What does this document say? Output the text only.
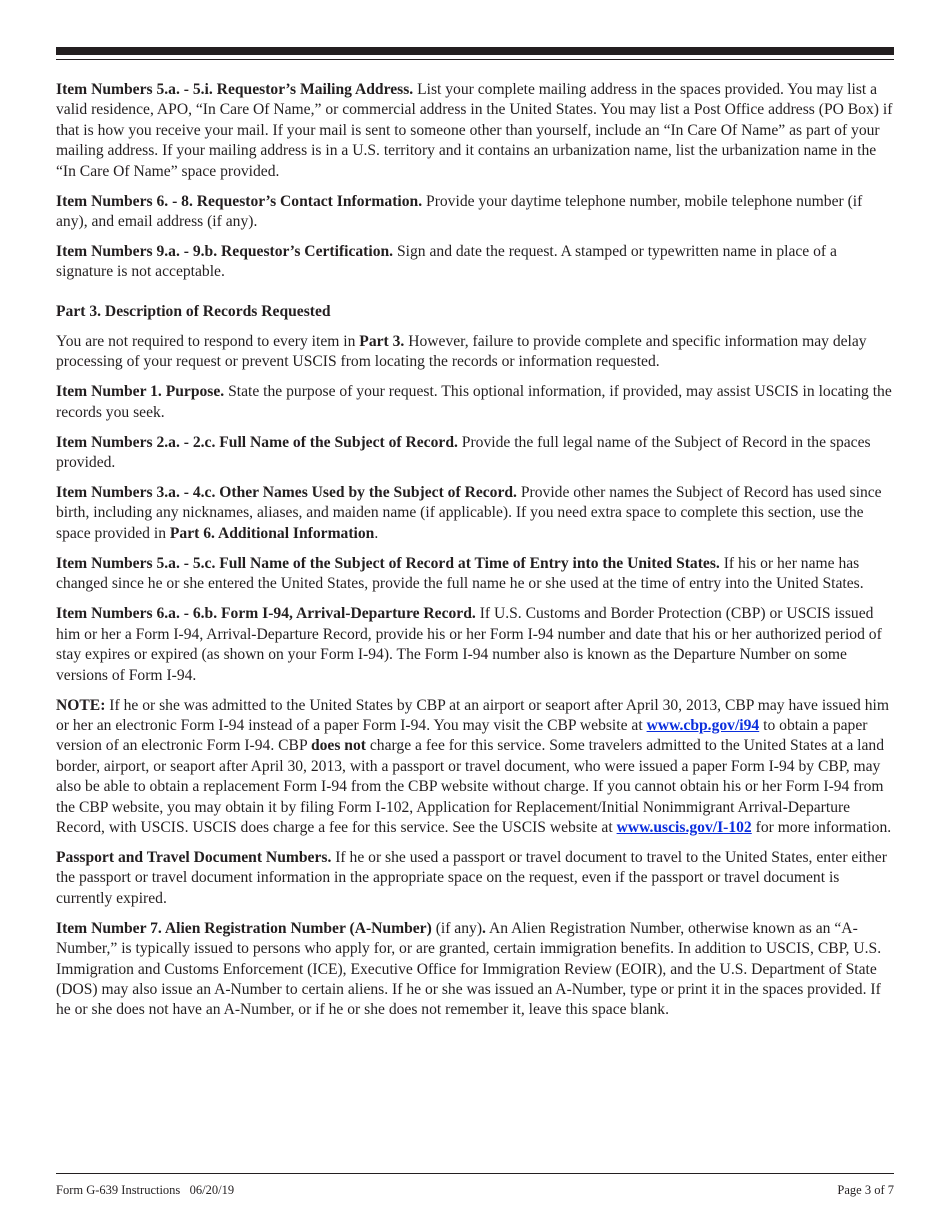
Item Numbers 5.a. - 5.i. Requestor’s Mailing Address. List your complete mailing address in the spaces provided. You may list a valid residence, APO, “In Care Of Name,” or commercial address in the United States. You may list a Post Office address (PO Box) if that is how you receive your mail. If your mail is sent to someone other than yourself, include an “In Care Of Name” as part of your mailing address. If your mailing address is in a U.S. territory and it contains an urbanization name, list the urbanization name in the “In Care Of Name” space provided.

Item Numbers 6. - 8. Requestor’s Contact Information. Provide your daytime telephone number, mobile telephone number (if any), and email address (if any).

Item Numbers 9.a. - 9.b. Requestor’s Certification. Sign and date the request. A stamped or typewritten name in place of a signature is not acceptable.

Part 3. Description of Records Requested

You are not required to respond to every item in Part 3. However, failure to provide complete and specific information may delay processing of your request or prevent USCIS from locating the records or information requested.

Item Number 1. Purpose. State the purpose of your request. This optional information, if provided, may assist USCIS in locating the records you seek.

Item Numbers 2.a. - 2.c. Full Name of the Subject of Record. Provide the full legal name of the Subject of Record in the spaces provided.

Item Numbers 3.a. - 4.c. Other Names Used by the Subject of Record. Provide other names the Subject of Record has used since birth, including any nicknames, aliases, and maiden name (if applicable). If you need extra space to complete this section, use the space provided in Part 6. Additional Information.

Item Numbers 5.a. - 5.c. Full Name of the Subject of Record at Time of Entry into the United States. If his or her name has changed since he or she entered the United States, provide the full name he or she used at the time of entry into the United States.

Item Numbers 6.a. - 6.b. Form I-94, Arrival-Departure Record. If U.S. Customs and Border Protection (CBP) or USCIS issued him or her a Form I-94, Arrival-Departure Record, provide his or her Form I-94 number and date that his or her authorized period of stay expires or expired (as shown on your Form I-94). The Form I-94 number also is known as the Departure Number on some versions of Form I-94.

NOTE: If he or she was admitted to the United States by CBP at an airport or seaport after April 30, 2013, CBP may have issued him or her an electronic Form I-94 instead of a paper Form I-94. You may visit the CBP website at www.cbp.gov/i94 to obtain a paper version of an electronic Form I-94. CBP does not charge a fee for this service. Some travelers admitted to the United States at a land border, airport, or seaport after April 30, 2013, with a passport or travel document, who were issued a paper Form I-94 by CBP, may also be able to obtain a replacement Form I-94 from the CBP website without charge. If you cannot obtain his or her Form I-94 from the CBP website, you may obtain it by filing Form I-102, Application for Replacement/Initial Nonimmigrant Arrival-Departure Record, with USCIS. USCIS does charge a fee for this service. See the USCIS website at www.uscis.gov/I-102 for more information.

Passport and Travel Document Numbers. If he or she used a passport or travel document to travel to the United States, enter either the passport or travel document information in the appropriate space on the request, even if the passport or travel document is currently expired.

Item Number 7. Alien Registration Number (A-Number) (if any). An Alien Registration Number, otherwise known as an “A-Number,” is typically issued to persons who apply for, or are granted, certain immigration benefits. In addition to USCIS, CBP, U.S. Immigration and Customs Enforcement (ICE), Executive Office for Immigration Review (EOIR), and the U.S. Department of State (DOS) may also issue an A-Number to certain aliens. If he or she was issued an A-Number, type or print it in the spaces provided. If he or she does not have an A-Number, or if he or she does not remember it, leave this space blank.

Form G-639 Instructions   06/20/19	Page 3 of 7
